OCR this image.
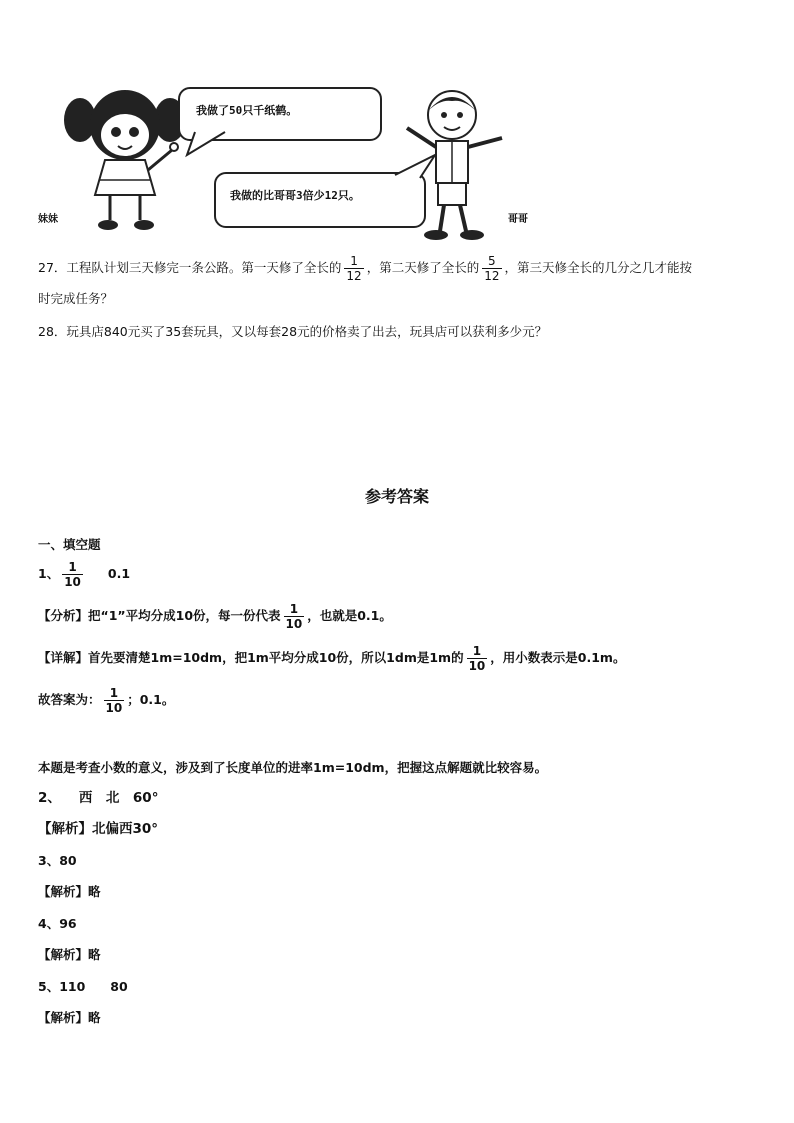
妹妹
我做了50只千纸鹤。
我做的比哥哥3倍少12只。
哥哥
27．工程队计划三天修完一条公路。第一天修了全长的 $\frac{1}{12}$ ，第二天修了全长的 $\frac{5}{12}$ ，第三天修全长的几分之几才能按
时完成任务？
28．玩具店840元买了35套玩具，又以每套28元的价格卖了出去，玩具店可以获利多少元？
参考答案
一、填空题
1、 $\frac{1}{10} 0.1$
【分析】把“1”平均分成10份，每一份代表 $\frac{1}{10}$ ，也就是0.1。
【详解】首先要清楚1m=10dm，把1m平均分成10份，所以1dm是1m的 $\frac{1}{10}$ ，用小数表示是0.1m。
故答案为： $\frac{1}{10}$ ；0.1。
本题是考查小数的意义，涉及到了长度单位的进率1m=10dm，把握这点解题就比较容易。
2、 西　北　60°
【解析】北偏西30°
3、80
【解析】略
4、96
【解析】略
5、110　　80
【解析】略
